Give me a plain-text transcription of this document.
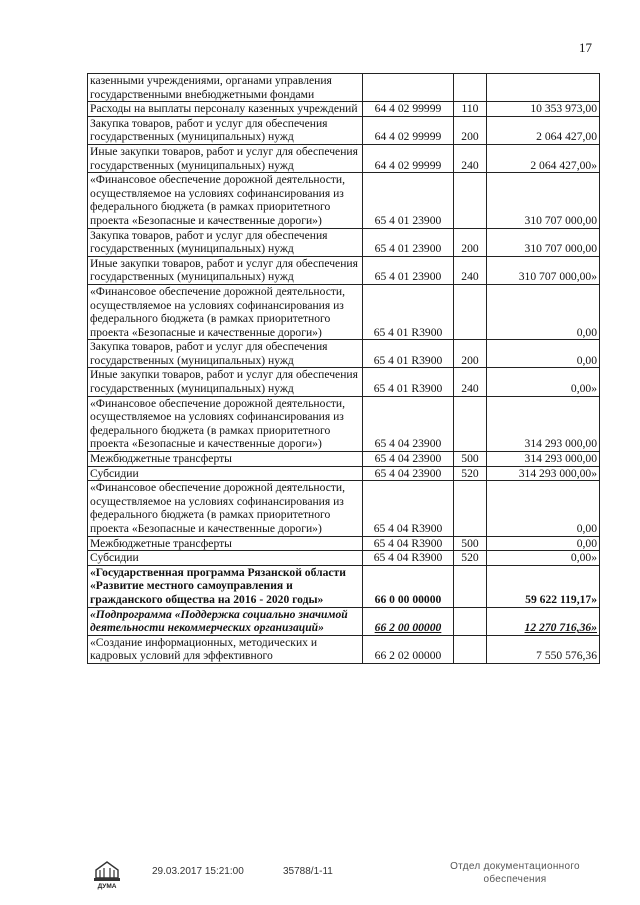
17
казенными учреждениями, органами управления государственными внебюджетными фондами			
Расходы на выплаты персоналу казенных учреждений	64 4 02 99999	110	10 353 973,00
Закупка товаров, работ и услуг для обеспечения государственных (муниципальных) нужд	64 4 02 99999	200	2 064 427,00
Иные закупки товаров, работ и услуг для обеспечения государственных (муниципальных) нужд	64 4 02 99999	240	2 064 427,00»
«Финансовое обеспечение дорожной деятельности, осуществляемое на условиях софинансирования из федерального бюджета (в рамках приоритетного проекта «Безопасные и качественные дороги»)	65 4 01 23900		310 707 000,00
Закупка товаров, работ и услуг для обеспечения государственных (муниципальных) нужд	65 4 01 23900	200	310 707 000,00
Иные закупки товаров, работ и услуг для обеспечения государственных (муниципальных) нужд	65 4 01 23900	240	310 707 000,00»
«Финансовое обеспечение дорожной деятельности, осуществляемое на условиях софинансирования из федерального бюджета (в рамках приоритетного проекта «Безопасные и качественные дороги»)	65 4 01 R3900		0,00
Закупка товаров, работ и услуг для обеспечения государственных (муниципальных) нужд	65 4 01 R3900	200	0,00
Иные закупки товаров, работ и услуг для обеспечения государственных (муниципальных) нужд	65 4 01 R3900	240	0,00»
«Финансовое обеспечение дорожной деятельности, осуществляемое на условиях софинансирования из федерального бюджета (в рамках приоритетного проекта «Безопасные и качественные дороги»)	65 4 04 23900		314 293 000,00
Межбюджетные трансферты	65 4 04 23900	500	314 293 000,00
Субсидии	65 4 04 23900	520	314 293 000,00»
«Финансовое обеспечение дорожной деятельности, осуществляемое на условиях софинансирования из федерального бюджета (в рамках приоритетного проекта «Безопасные и качественные дороги»)	65 4 04 R3900		0,00
Межбюджетные трансферты	65 4 04 R3900	500	0,00
Субсидии	65 4 04 R3900	520	0,00»
«Государственная программа Рязанской области «Развитие местного самоуправления и гражданского общества на 2016 - 2020 годы»	66 0 00 00000		59 622 119,17»
«Подпрограмма «Поддержка социально значимой деятельности некоммерческих организаций»	66 2 00 00000		12 270 716,36»
«Создание информационных, методических и кадровых условий для эффективного	66 2 02 00000		7 550 576,36
ДУМА
29.03.2017 15:21:00	35788/1-11	Отдел документационного обеспечения
